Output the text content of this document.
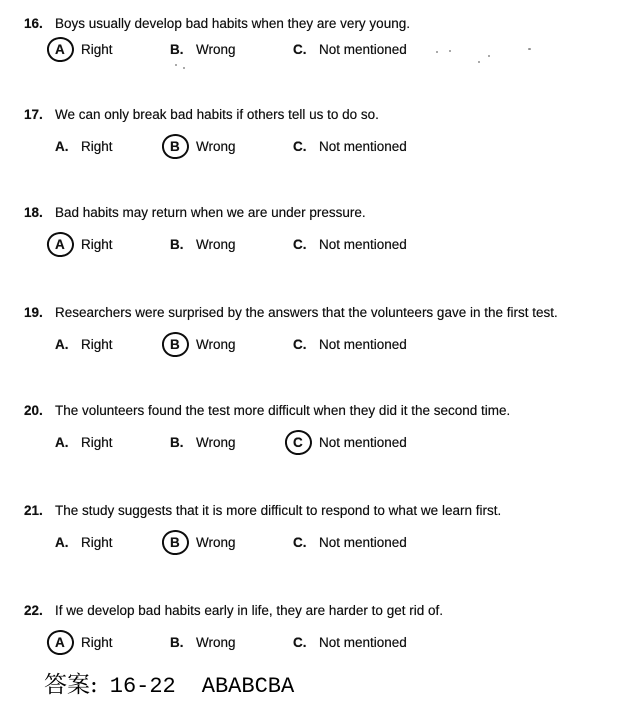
16. Boys usually develop bad habits when they are very young.
A	Right	B. Wrong	C. Not mentioned
17. We can only break bad habits if others tell us to do so.
A. Right	B	Wrong	C. Not mentioned
18. Bad habits may return when we are under pressure.
A	Right	B. Wrong	C. Not mentioned
19. Researchers were surprised by the answers that the volunteers gave in the first test.
A. Right	B	Wrong	C. Not mentioned
20. The volunteers found the test more difficult when they did it the second time.
A. Right	B. Wrong	C	Not mentioned
21. The study suggests that it is more difficult to respond to what we learn first.
A. Right	B	Wrong	C. Not mentioned
22. If we develop bad habits early in life, they are harder to get rid of.
A	Right	B. Wrong	C. Not mentioned
答案: 16-22 ABABCBA
